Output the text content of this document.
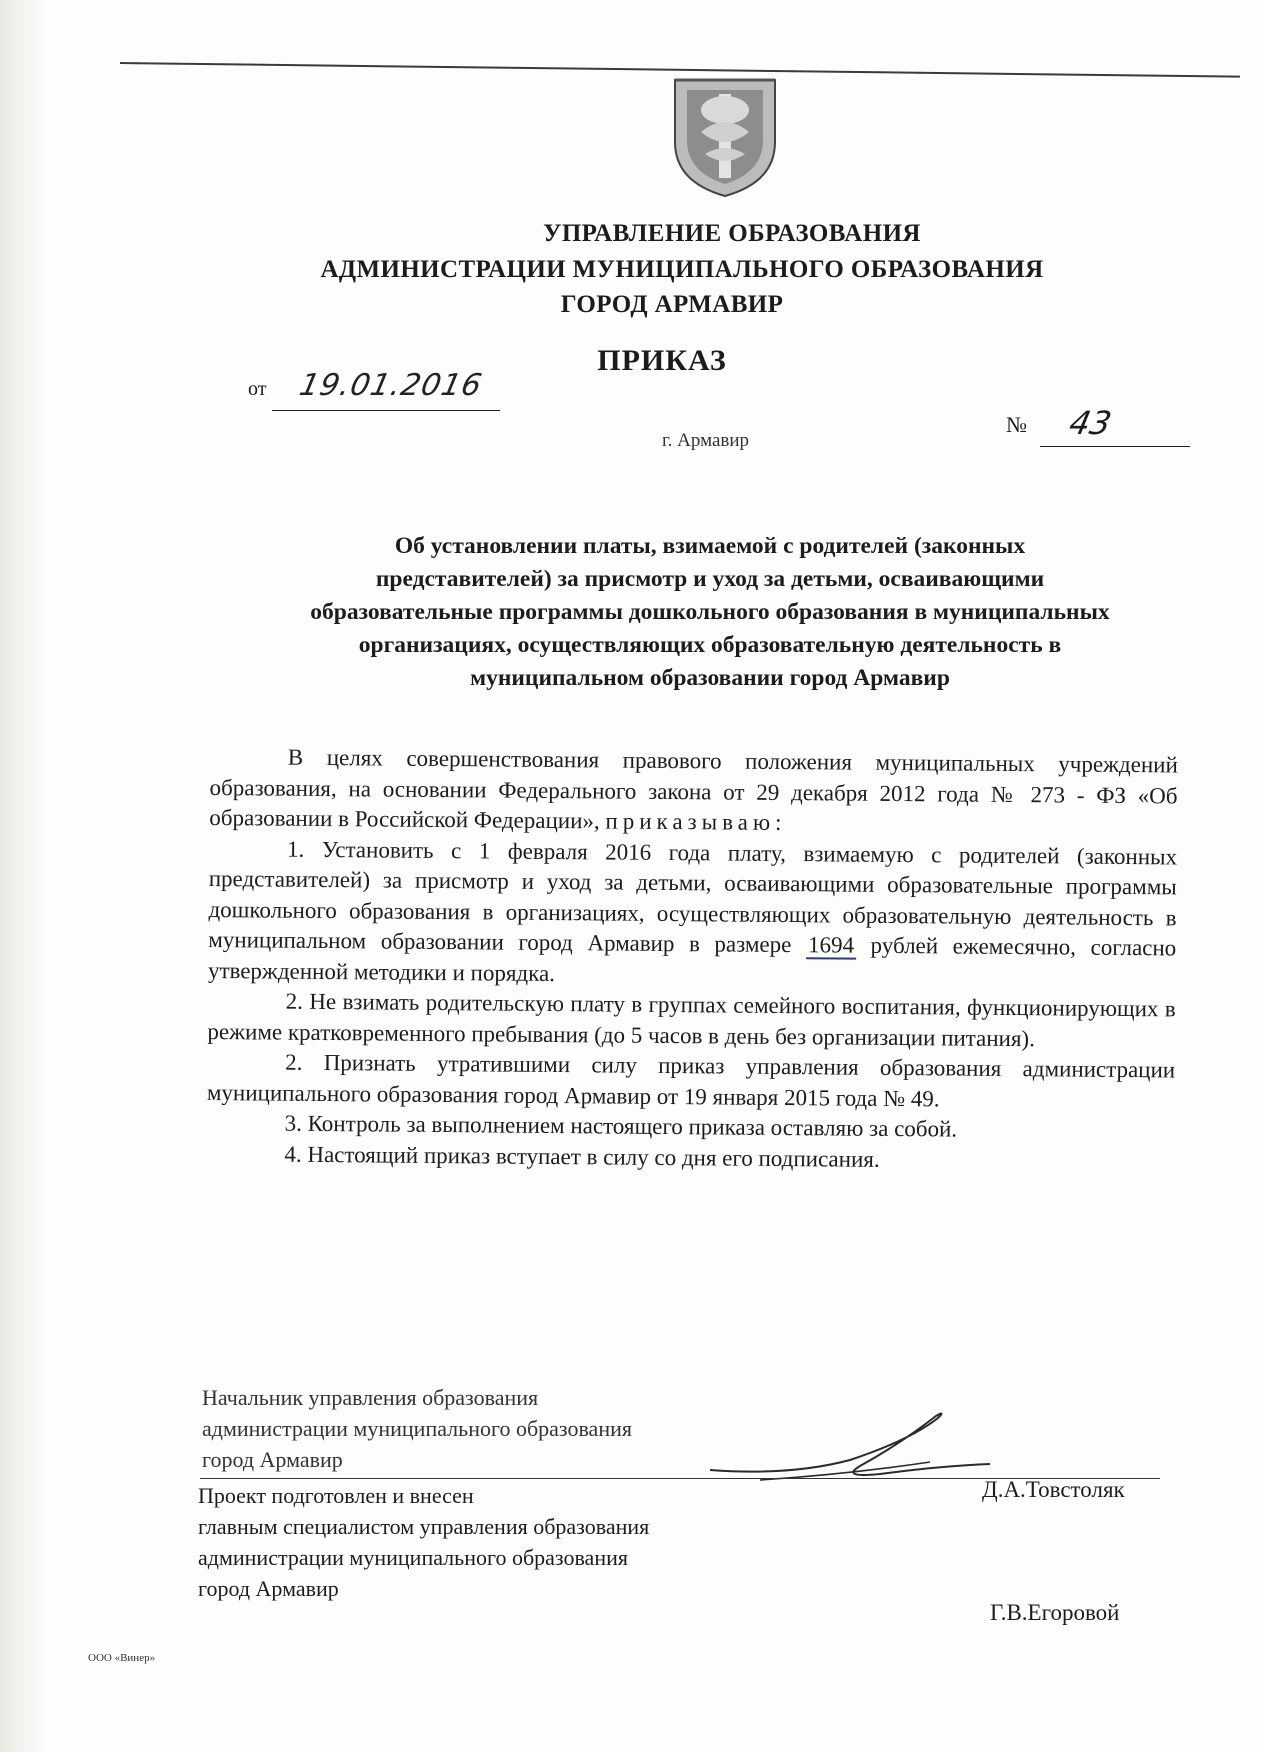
УПРАВЛЕНИЕ ОБРАЗОВАНИЯ
АДМИНИСТРАЦИИ МУНИЦИПАЛЬНОГО ОБРАЗОВАНИЯ
ГОРОД АРМАВИР
ПРИКАЗ
от 19.01.2016
г. Армавир
№ 43
Об установлении платы, взимаемой с родителей (законных
представителей) за присмотр и уход за детьми, осваивающими
образовательные программы дошкольного образования в муниципальных
организациях, осуществляющих образовательную деятельность в
муниципальном образовании город Армавир

В целях совершенствования правового положения муниципальных учреждений образования, на основании Федерального закона от 29 декабря 2012 года № 273 - ФЗ «Об образовании в Российской Федерации», приказываю:

1. Установить с 1 февраля 2016 года плату, взимаемую с родителей (законных представителей) за присмотр и уход за детьми, осваивающими образовательные программы дошкольного образования в организациях, осуществляющих образовательную деятельность в муниципальном образовании город Армавир в размере 1694 рублей ежемесячно, согласно утвержденной методики и порядка.

2. Не взимать родительскую плату в группах семейного воспитания, функционирующих в режиме кратковременного пребывания (до 5 часов в день без организации питания).

2. Признать утратившими силу приказ управления образования администрации муниципального образования город Армавир от 19 января 2015 года № 49.

3. Контроль за выполнением настоящего приказа оставляю за собой.

4. Настоящий приказ вступает в силу со дня его подписания.

Начальник управления образования
администрации муниципального образования
город Армавир
Д.А.Товстоляк
Проект подготовлен и внесен
главным специалистом управления образования
администрации муниципального образования
город Армавир
Г.В.Егоровой
ООО «Винер»
